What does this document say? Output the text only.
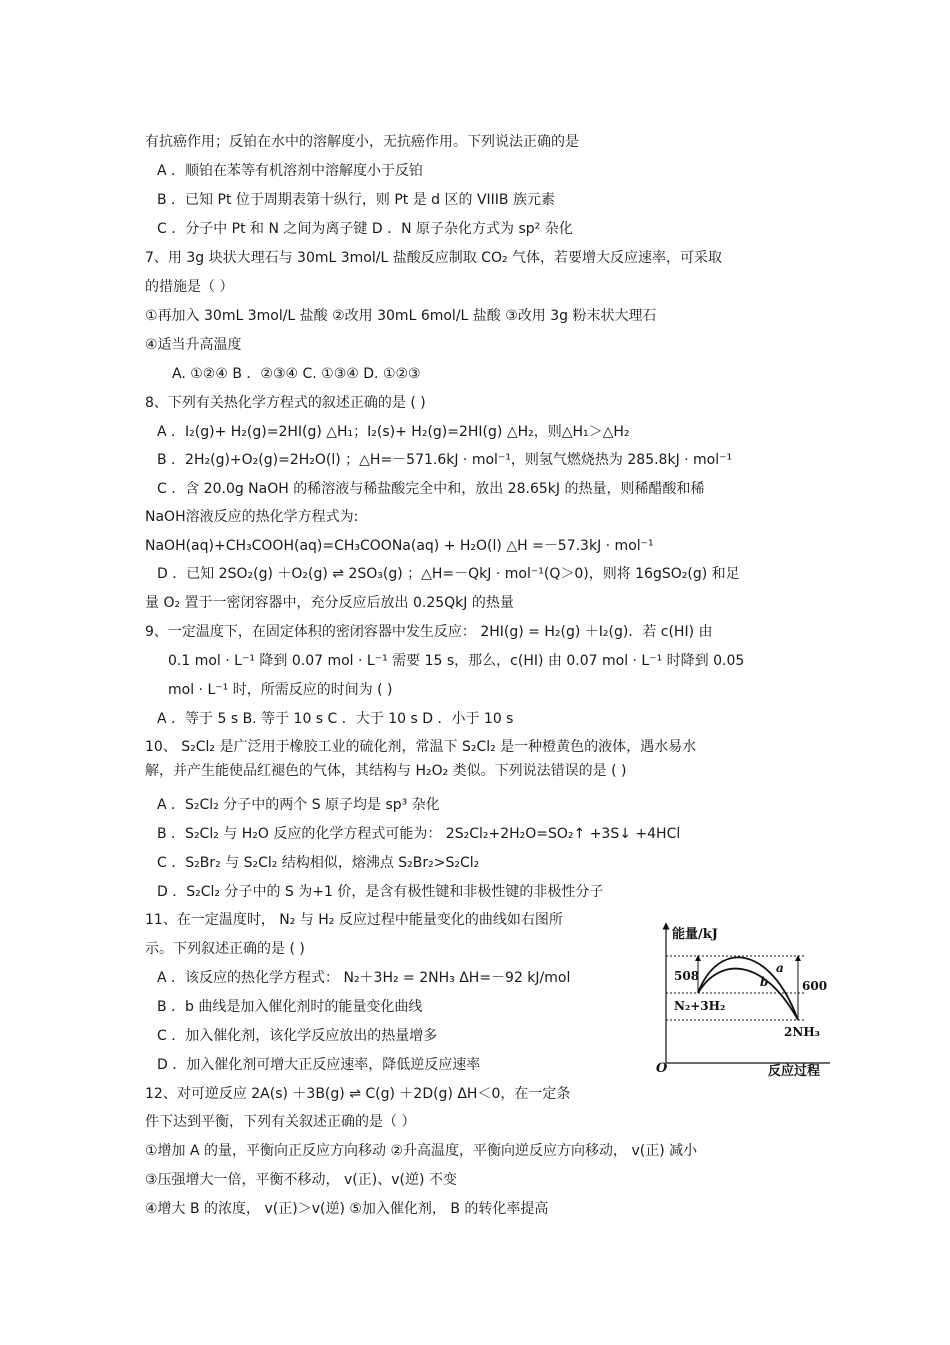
有抗癌作用；反铂在水中的溶解度小，无抗癌作用。下列说法正确的是
A ．顺铂在苯等有机溶剂中溶解度小于反铂
B ．已知 Pt 位于周期表第十纵行，则 Pt 是 d 区的 VIIIB 族元素
C ．分子中 Pt 和 N 之间为离子键 D ．N 原子杂化方式为 sp² 杂化
7、用 3g 块状大理石与 30mL 3mol/L 盐酸反应制取 CO₂ 气体，若要增大反应速率，可采取
的措施是（ ）
①再加入 30mL 3mol/L 盐酸 ②改用 30mL 6mol/L 盐酸 ③改用 3g 粉末状大理石
④适当升高温度
A. ①②④ B ．②③④ C. ①③④ D. ①②③
8、下列有关热化学方程式的叙述正确的是 ( )
A ．I₂(g)+ H₂(g)=2HI(g) △H₁；I₂(s)+ H₂(g)=2HI(g) △H₂，则△H₁＞△H₂
B ．2H₂(g)+O₂(g)=2H₂O(l) ；△H=－571.6kJ · mol⁻¹，则氢气燃烧热为 285.8kJ · mol⁻¹
C ．含 20.0g NaOH 的稀溶液与稀盐酸完全中和，放出 28.65kJ 的热量，则稀醋酸和稀
NaOH溶液反应的热化学方程式为:
NaOH(aq)+CH₃COOH(aq)=CH₃COONa(aq) + H₂O(l) △H =－57.3kJ · mol⁻¹
D ．已知 2SO₂(g) ＋O₂(g) ⇌ 2SO₃(g) ；△H=－QkJ · mol⁻¹(Q＞0)，则将 16gSO₂(g) 和足
量 O₂ 置于一密闭容器中，充分反应后放出 0.25QkJ 的热量
9、一定温度下，在固定体积的密闭容器中发生反应： 2HI(g) = H₂(g) ＋I₂(g)．若 c(HI) 由
0.1 mol · L⁻¹ 降到 0.07 mol · L⁻¹ 需要 15 s，那么，c(HI) 由 0.07 mol · L⁻¹ 时降到 0.05
mol · L⁻¹ 时，所需反应的时间为 ( )
A ．等于 5 s B. 等于 10 s C ．大于 10 s D ．小于 10 s
10、 S₂Cl₂ 是广泛用于橡胶工业的硫化剂，常温下 S₂Cl₂ 是一种橙黄色的液体，遇水易水
解，并产生能使品红褪色的气体，其结构与 H₂O₂ 类似。下列说法错误的是 ( )
A ．S₂Cl₂ 分子中的两个 S 原子均是 sp³ 杂化
B ．S₂Cl₂ 与 H₂O 反应的化学方程式可能为： 2S₂Cl₂+2H₂O=SO₂↑ +3S↓ +4HCl
C ．S₂Br₂ 与 S₂Cl₂ 结构相似，熔沸点 S₂Br₂>S₂Cl₂
D ．S₂Cl₂ 分子中的 S 为+1 价，是含有极性键和非极性键的非极性分子
11、在一定温度时， N₂ 与 H₂ 反应过程中能量变化的曲线如右图所
示。下列叙述正确的是 ( )
A ．该反应的热化学方程式： N₂＋3H₂ = 2NH₃ ΔH=－92 kJ/mol
B ．b 曲线是加入催化剂时的能量变化曲线
C ．加入催化剂，该化学反应放出的热量增多
D ．加入催化剂可增大正反应速率，降低逆反应速率
12、对可逆反应 2A(s) ＋3B(g) ⇌ C(g) ＋2D(g) ΔH＜0，在一定条
件下达到平衡，下列有关叙述正确的是（ ）
①增加 A 的量，平衡向正反应方向移动 ②升高温度，平衡向逆反应方向移动， v(正) 减小
③压强增大一倍，平衡不移动， v(正)、v(逆) 不变
④增大 B 的浓度， v(正)＞v(逆) ⑤加入催化剂， B 的转化率提高
能量/kJ
反应过程
O
508
600
a
b
N₂+3H₂
2NH₃
